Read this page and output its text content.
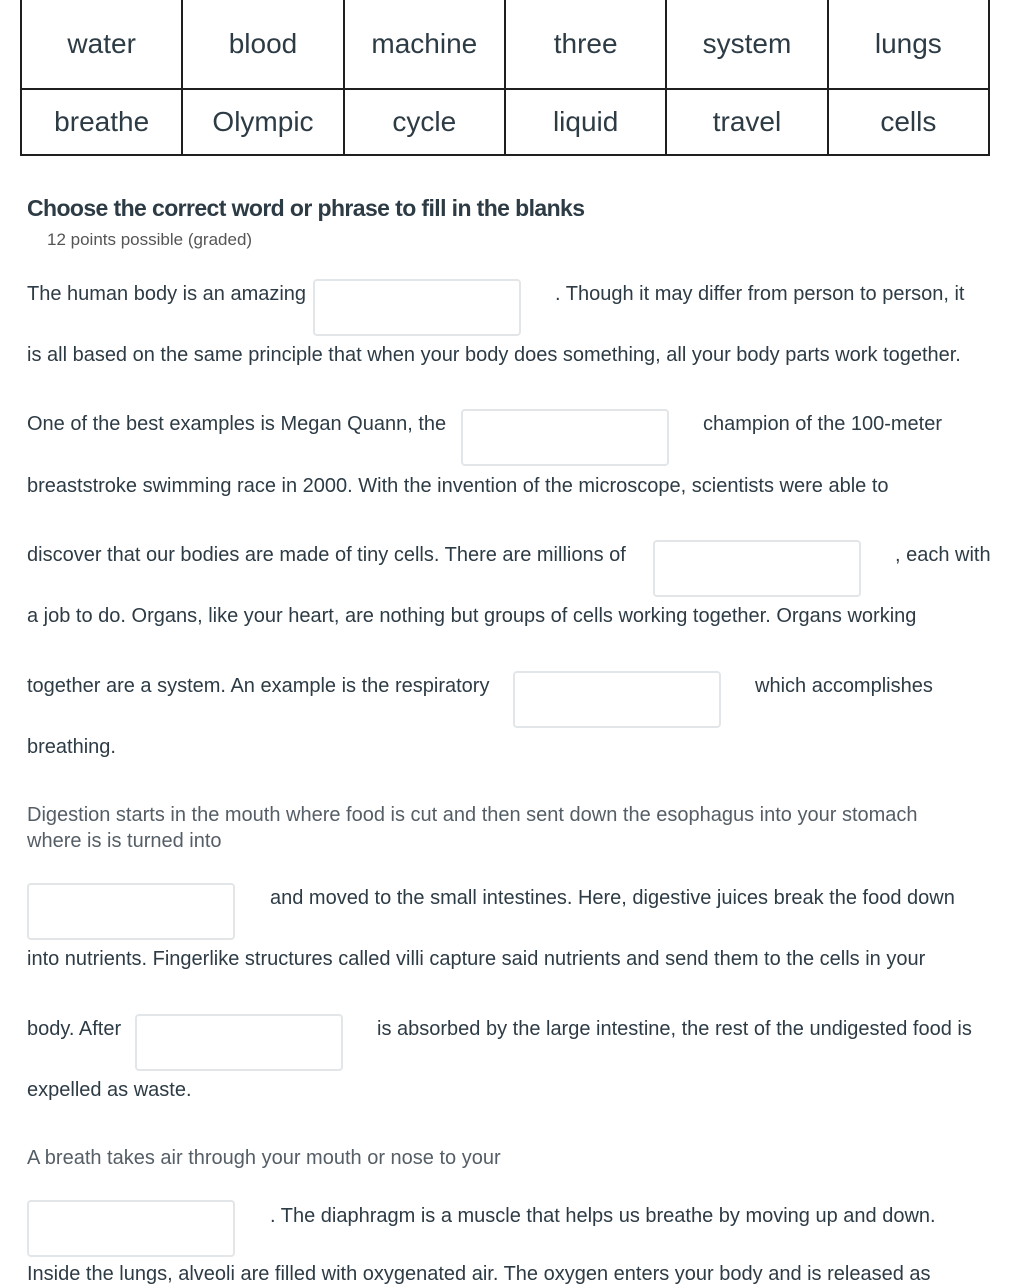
water	blood	machine	three	system	lungs
breathe	Olympic	cycle	liquid	travel	cells
Choose the correct word or phrase to fill in the blanks
12 points possible (graded)
The human body is an amazing	. Though it may differ from person to person, it
is all based on the same principle that when your body does something, all your body parts work together.
One of the best examples is Megan Quann, the	champion of the 100-meter
breaststroke swimming race in 2000. With the invention of the microscope, scientists were able to
discover that our bodies are made of tiny cells. There are millions of	, each with
a job to do. Organs, like your heart, are nothing but groups of cells working together. Organs working
together are a system. An example is the respiratory	which accomplishes
breathing.
Digestion starts in the mouth where food is cut and then sent down the esophagus into your stomach
where is is turned into
and moved to the small intestines. Here, digestive juices break the food down
into nutrients. Fingerlike structures called villi capture said nutrients and send them to the cells in your
body. After	is absorbed by the large intestine, the rest of the undigested food is
expelled as waste.
A breath takes air through your mouth or nose to your
. The diaphragm is a muscle that helps us breathe by moving up and down.
Inside the lungs, alveoli are filled with oxygenated air. The oxygen enters your body and is released as
